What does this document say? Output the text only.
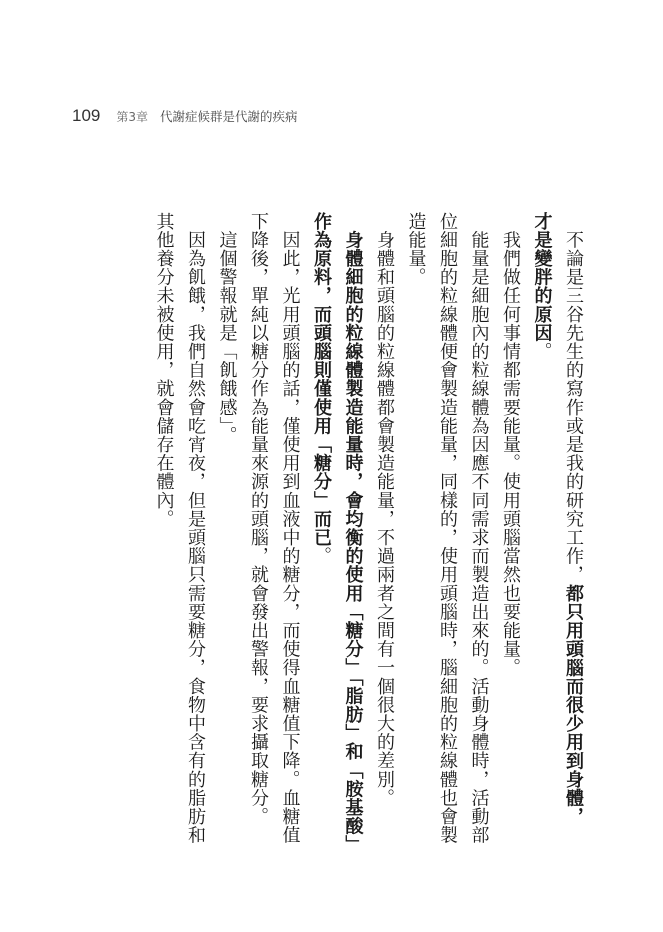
109 第3章 代謝症候群是代謝的疾病

　不論是三谷先生的寫作或是我的研究工作，都只用頭腦而很少用到身體，

才是變胖的原因。

　我們做任何事情都需要能量。使用頭腦當然也要能量。

　能量是細胞內的粒線體為因應不同需求而製造出來的。活動身體時，活動部位細胞的粒線體便會製造能量，同樣的，使用頭腦時，腦細胞的粒線體也會製造能量。

　身體和頭腦的粒線體都會製造能量，不過兩者之間有一個很大的差別。

　身體細胞的粒線體製造能量時，會均衡的使用「糖分」「脂肪」和「胺基酸」作為原料，而頭腦則僅使用「糖分」而已。

　因此，光用頭腦的話，僅使用到血液中的糖分，而使得血糖值下降。血糖值下降後，單純以糖分作為能量來源的頭腦，就會發出警報，要求攝取糖分。

　這個警報就是「飢餓感」。

　因為飢餓，我們自然會吃宵夜，但是頭腦只需要糖分，食物中含有的脂肪和其他養分未被使用，就會儲存在體內。
